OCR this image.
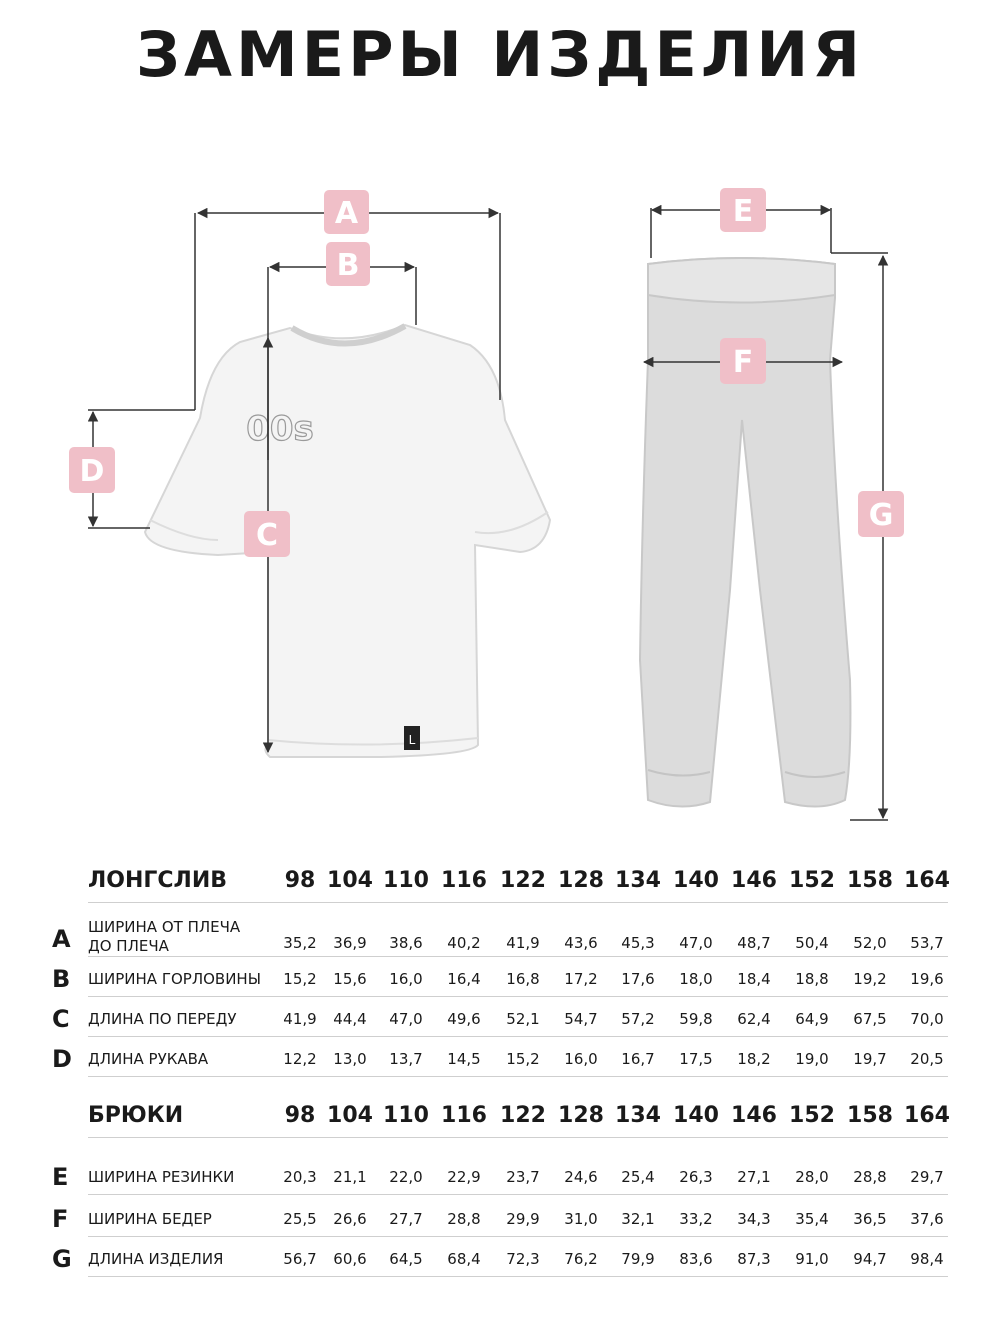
ЗАМЕРЫ ИЗДЕЛИЯ
L
00s
A
B
C
D
E
F
G
ЛОНГСЛИВ	98 104 110 116 122 128 134 140 146 152 158 164
A ШИРИНА ОТ ПЛЕЧА ДО ПЛЕЧА	35,2	36,9	38,6	40,2	41,9	43,6	45,3	47,0	48,7	50,4	52,0	53,7
B ШИРИНА ГОРЛОВИНЫ	15,2	15,6	16,0	16,4	16,8	17,2	17,6	18,0	18,4	18,8	19,2	19,6
C ДЛИНА ПО ПЕРЕДУ	41,9	44,4	47,0	49,6	52,1	54,7	57,2	59,8	62,4	64,9	67,5	70,0
D ДЛИНА РУКАВА	12,2	13,0	13,7	14,5	15,2	16,0	16,7	17,5	18,2	19,0	19,7	20,5
БРЮКИ	98 104 110 116 122 128 134 140 146 152 158 164
E ШИРИНА РЕЗИНКИ	20,3	21,1	22,0	22,9	23,7	24,6	25,4	26,3	27,1	28,0	28,8	29,7
F ШИРИНА БЕДЕР	25,5	26,6	27,7	28,8	29,9	31,0	32,1	33,2	34,3	35,4	36,5	37,6
G ДЛИНА ИЗДЕЛИЯ	56,7	60,6	64,5	68,4	72,3	76,2	79,9	83,6	87,3	91,0	94,7	98,4
